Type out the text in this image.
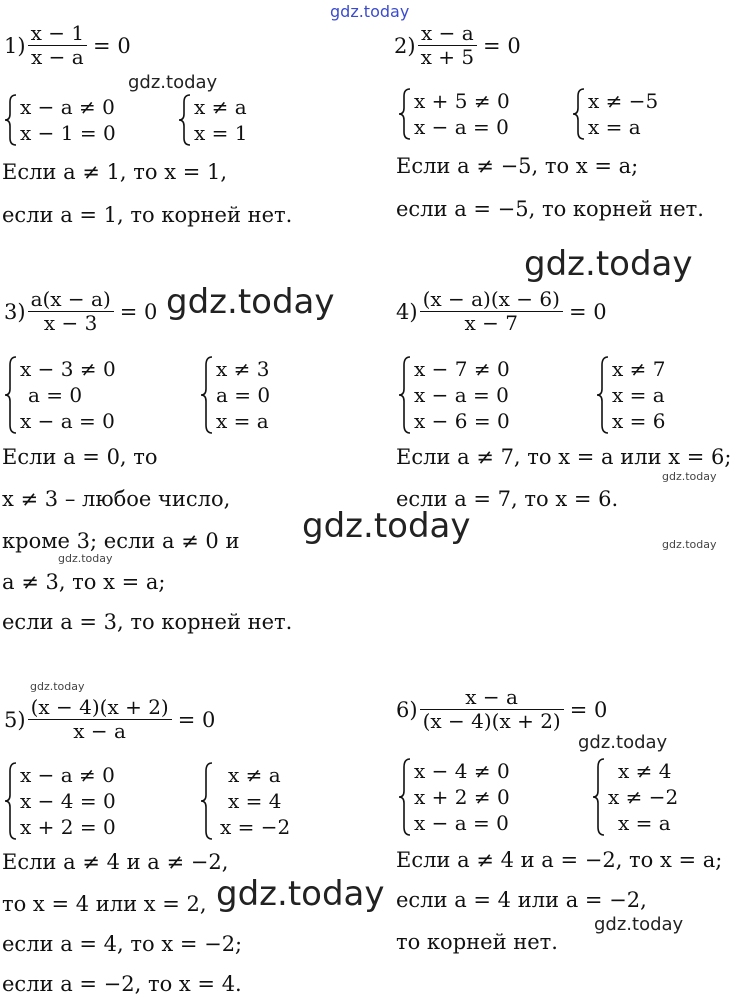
gdz.today
$1) \frac{x - 1}{x - a} = 0$
x − a ≠ 0
x − 1 = 0
x ≠ a
x = 1
Если a ≠ 1, то x = 1,
если a = 1, то корней нет.
gdz.today
$2) \frac{x - a}{x + 5} = 0$
x + 5 ≠ 0
x − a = 0
x ≠ −5
x = a
Если a ≠ −5, то x = a;
если a = −5, то корней нет.
gdz.today
$3) \frac{a(x - a)}{x - 3} = 0$ gdz.today
x − 3 ≠ 0
a = 0
x − a = 0
x ≠ 3
a = 0
x = a
Если a = 0, то
x ≠ 3 – любое число,
кроме 3; если a ≠ 0 и
a ≠ 3, то x = a;
если a = 3, то корней нет.
gdz.today
gdz.today
$4) \frac{(x - a)(x - 6)}{x - 7} = 0$
x − 7 ≠ 0
x − a = 0
x − 6 = 0
x ≠ 7
x = a
x = 6
Если a ≠ 7, то x = a или x = 6;
если a = 7, то x = 6.
gdz.today
gdz.today
$5) \frac{(x - 4)(x + 2)}{x - a} = 0$
gdz.today
x − a ≠ 0
x − 4 = 0
x + 2 = 0
x ≠ a
x = 4
x = −2
Если a ≠ 4 и a ≠ −2,
то x = 4 или x = 2,
если a = 4, то x = −2;
если a = −2, то x = 4.
gdz.today
$6) \frac{x - a}{(x - 4)(x + 2)} = 0$
gdz.today
x − 4 ≠ 0
x + 2 ≠ 0
x − a = 0
x ≠ 4
x ≠ −2
x = a
Если a ≠ 4 и a = −2, то x = a;
если a = 4 или a = −2,
то корней нет.
gdz.today
